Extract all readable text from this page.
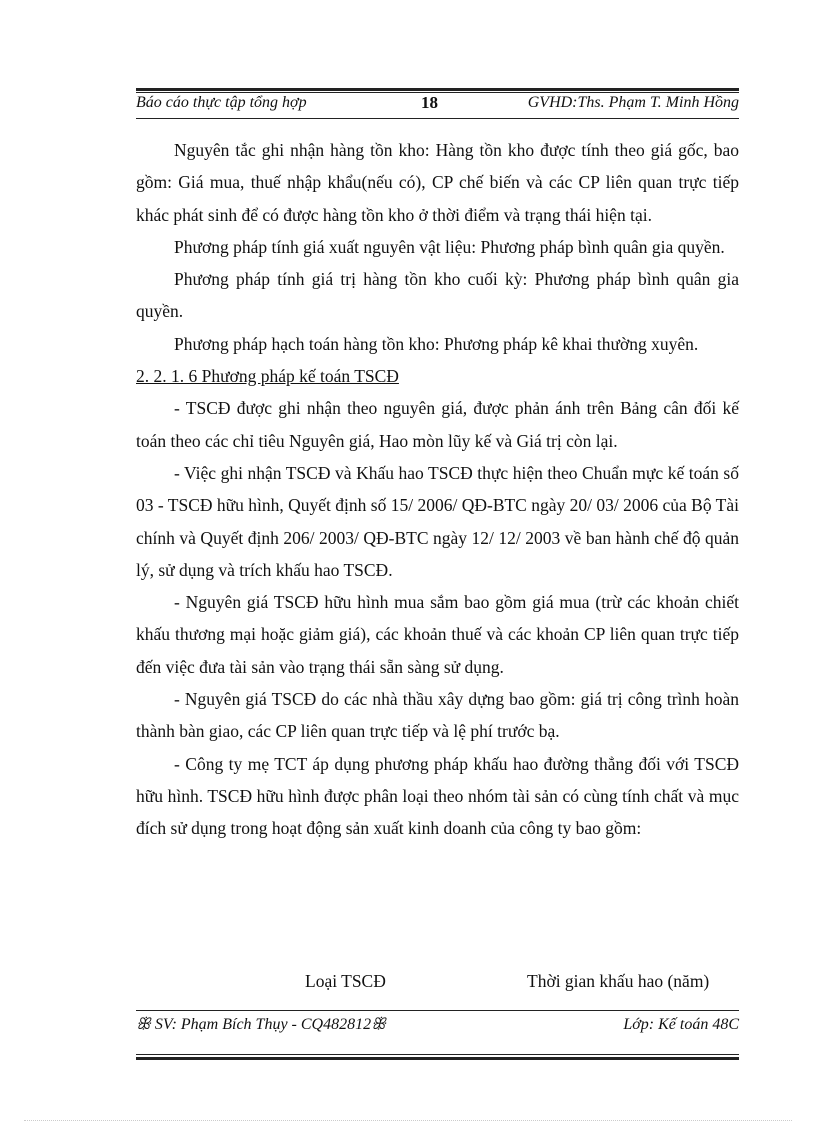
Báo cáo thực tập tổng hợp	18	GVHD:Ths. Phạm T. Minh Hồng

Nguyên tắc ghi nhận hàng tồn kho: Hàng tồn kho được tính theo giá gốc, bao gồm: Giá mua, thuế nhập khẩu(nếu có), CP chế biến và các CP liên quan trực tiếp khác phát sinh để có được hàng tồn kho ở thời điểm và trạng thái hiện tại.

Phương pháp tính giá xuất nguyên vật liệu: Phương pháp bình quân gia quyền.

Phương pháp tính giá trị hàng tồn kho cuối kỳ: Phương pháp bình quân gia quyền.

Phương pháp hạch toán hàng tồn kho: Phương pháp kê khai thường xuyên.

2. 2. 1. 6 Phương pháp kế toán TSCĐ

- TSCĐ được ghi nhận theo nguyên giá, được phản ánh trên Bảng cân đối kế toán theo các chỉ tiêu Nguyên giá, Hao mòn lũy kế và Giá trị còn lại.

- Việc ghi nhận TSCĐ và Khấu hao TSCĐ thực hiện theo Chuẩn mực kế toán số 03 - TSCĐ hữu hình, Quyết định số 15/ 2006/ QĐ-BTC ngày 20/ 03/ 2006 của Bộ Tài chính và Quyết định 206/ 2003/ QĐ-BTC ngày 12/ 12/ 2003 về ban hành chế độ quản lý, sử dụng và trích khấu hao TSCĐ.

- Nguyên giá TSCĐ hữu hình mua sắm bao gồm giá mua (trừ các khoản chiết khấu thương mại hoặc giảm giá), các khoản thuế và các khoản CP liên quan trực tiếp đến việc đưa tài sản vào trạng thái sẵn sàng sử dụng.

- Nguyên giá TSCĐ do các nhà thầu xây dựng bao gồm: giá trị công trình hoàn thành bàn giao, các CP liên quan trực tiếp và lệ phí trước bạ.

- Công ty mẹ TCT áp dụng phương pháp khấu hao đường thẳng đối với TSCĐ hữu hình. TSCĐ hữu hình được phân loại theo nhóm tài sản có cùng tính chất và mục đích sử dụng trong hoạt động sản xuất kinh doanh của công ty bao gồm:

Loại TSCĐ	Thời gian khấu hao (năm)
ꕥ SV: Phạm Bích Thụy - CQ482812ꕥ	Lớp: Kế toán 48C
